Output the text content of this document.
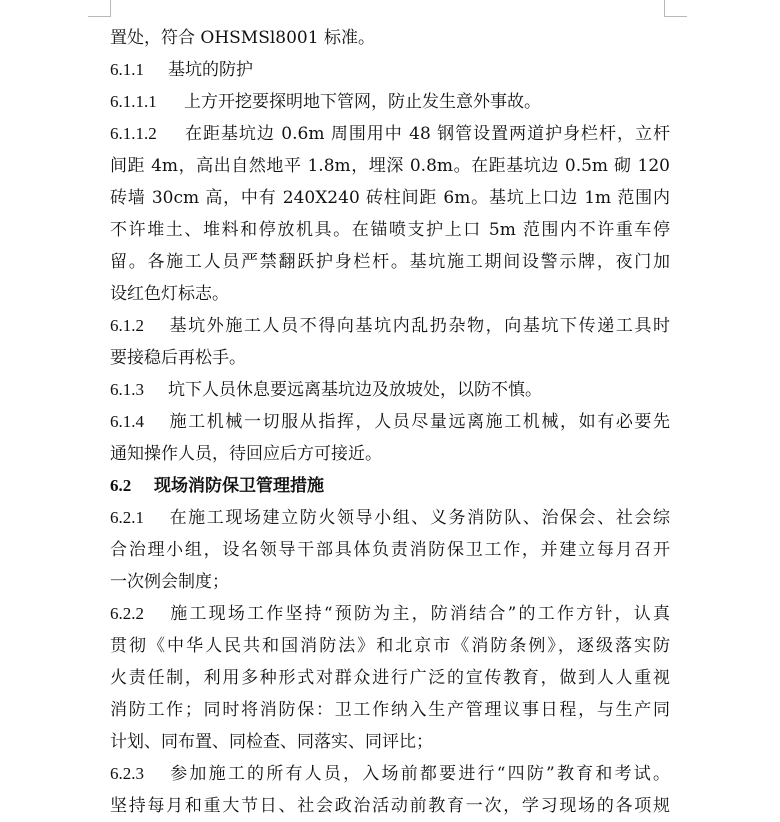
置处，符合 OHSMSl8001 标准。
6.1.1 基坑的防护
6.1.1.1 上方开挖要探明地下管网，防止发生意外事故。
6.1.1.2 在距基坑边 0.6m 周围用中 48 钢管设置两道护身栏杆，立杆
间距 4m，高出自然地平 1.8m，埋深 0.8m。在距基坑边 0.5m 砌 120
砖墙 30cm 高，中有 240X240 砖柱间距 6m。基坑上口边 1m 范围内
不许堆土、堆料和停放机具。在锚喷支护上口 5m 范围内不许重车停
留。各施工人员严禁翻跃护身栏杆。基坑施工期间设警示牌，夜门加
设红色灯标志。
6.1.2 基坑外施工人员不得向基坑内乱扔杂物，向基坑下传递工具时
要接稳后再松手。
6.1.3 坑下人员休息要远离基坑边及放坡处，以防不慎。
6.1.4 施工机械一切服从指挥，人员尽量远离施工机械，如有必要先
通知操作人员，待回应后方可接近。
6.2 现场消防保卫管理措施
6.2.1 在施工现场建立防火领导小组、义务消防队、治保会、社会综
合治理小组，设名领导干部具体负责消防保卫工作，并建立每月召开
一次例会制度；
6.2.2 施工现场工作坚持“预防为主，防消结合”的工作方针，认真
贯彻《中华人民共和国消防法》和北京市《消防条例》，逐级落实防
火责任制，利用多种形式对群众进行广泛的宣传教育，做到人人重视
消防工作；同时将消防保：卫工作纳入生产管理议事日程，与生产同
计划、同布置、同检查、同落实、同评比；
6.2.3 参加施工的所有人员，入场前都要进行“四防”教育和考试。
坚持每月和重大节日、社会政治活动前教育一次，学习现场的各项规
